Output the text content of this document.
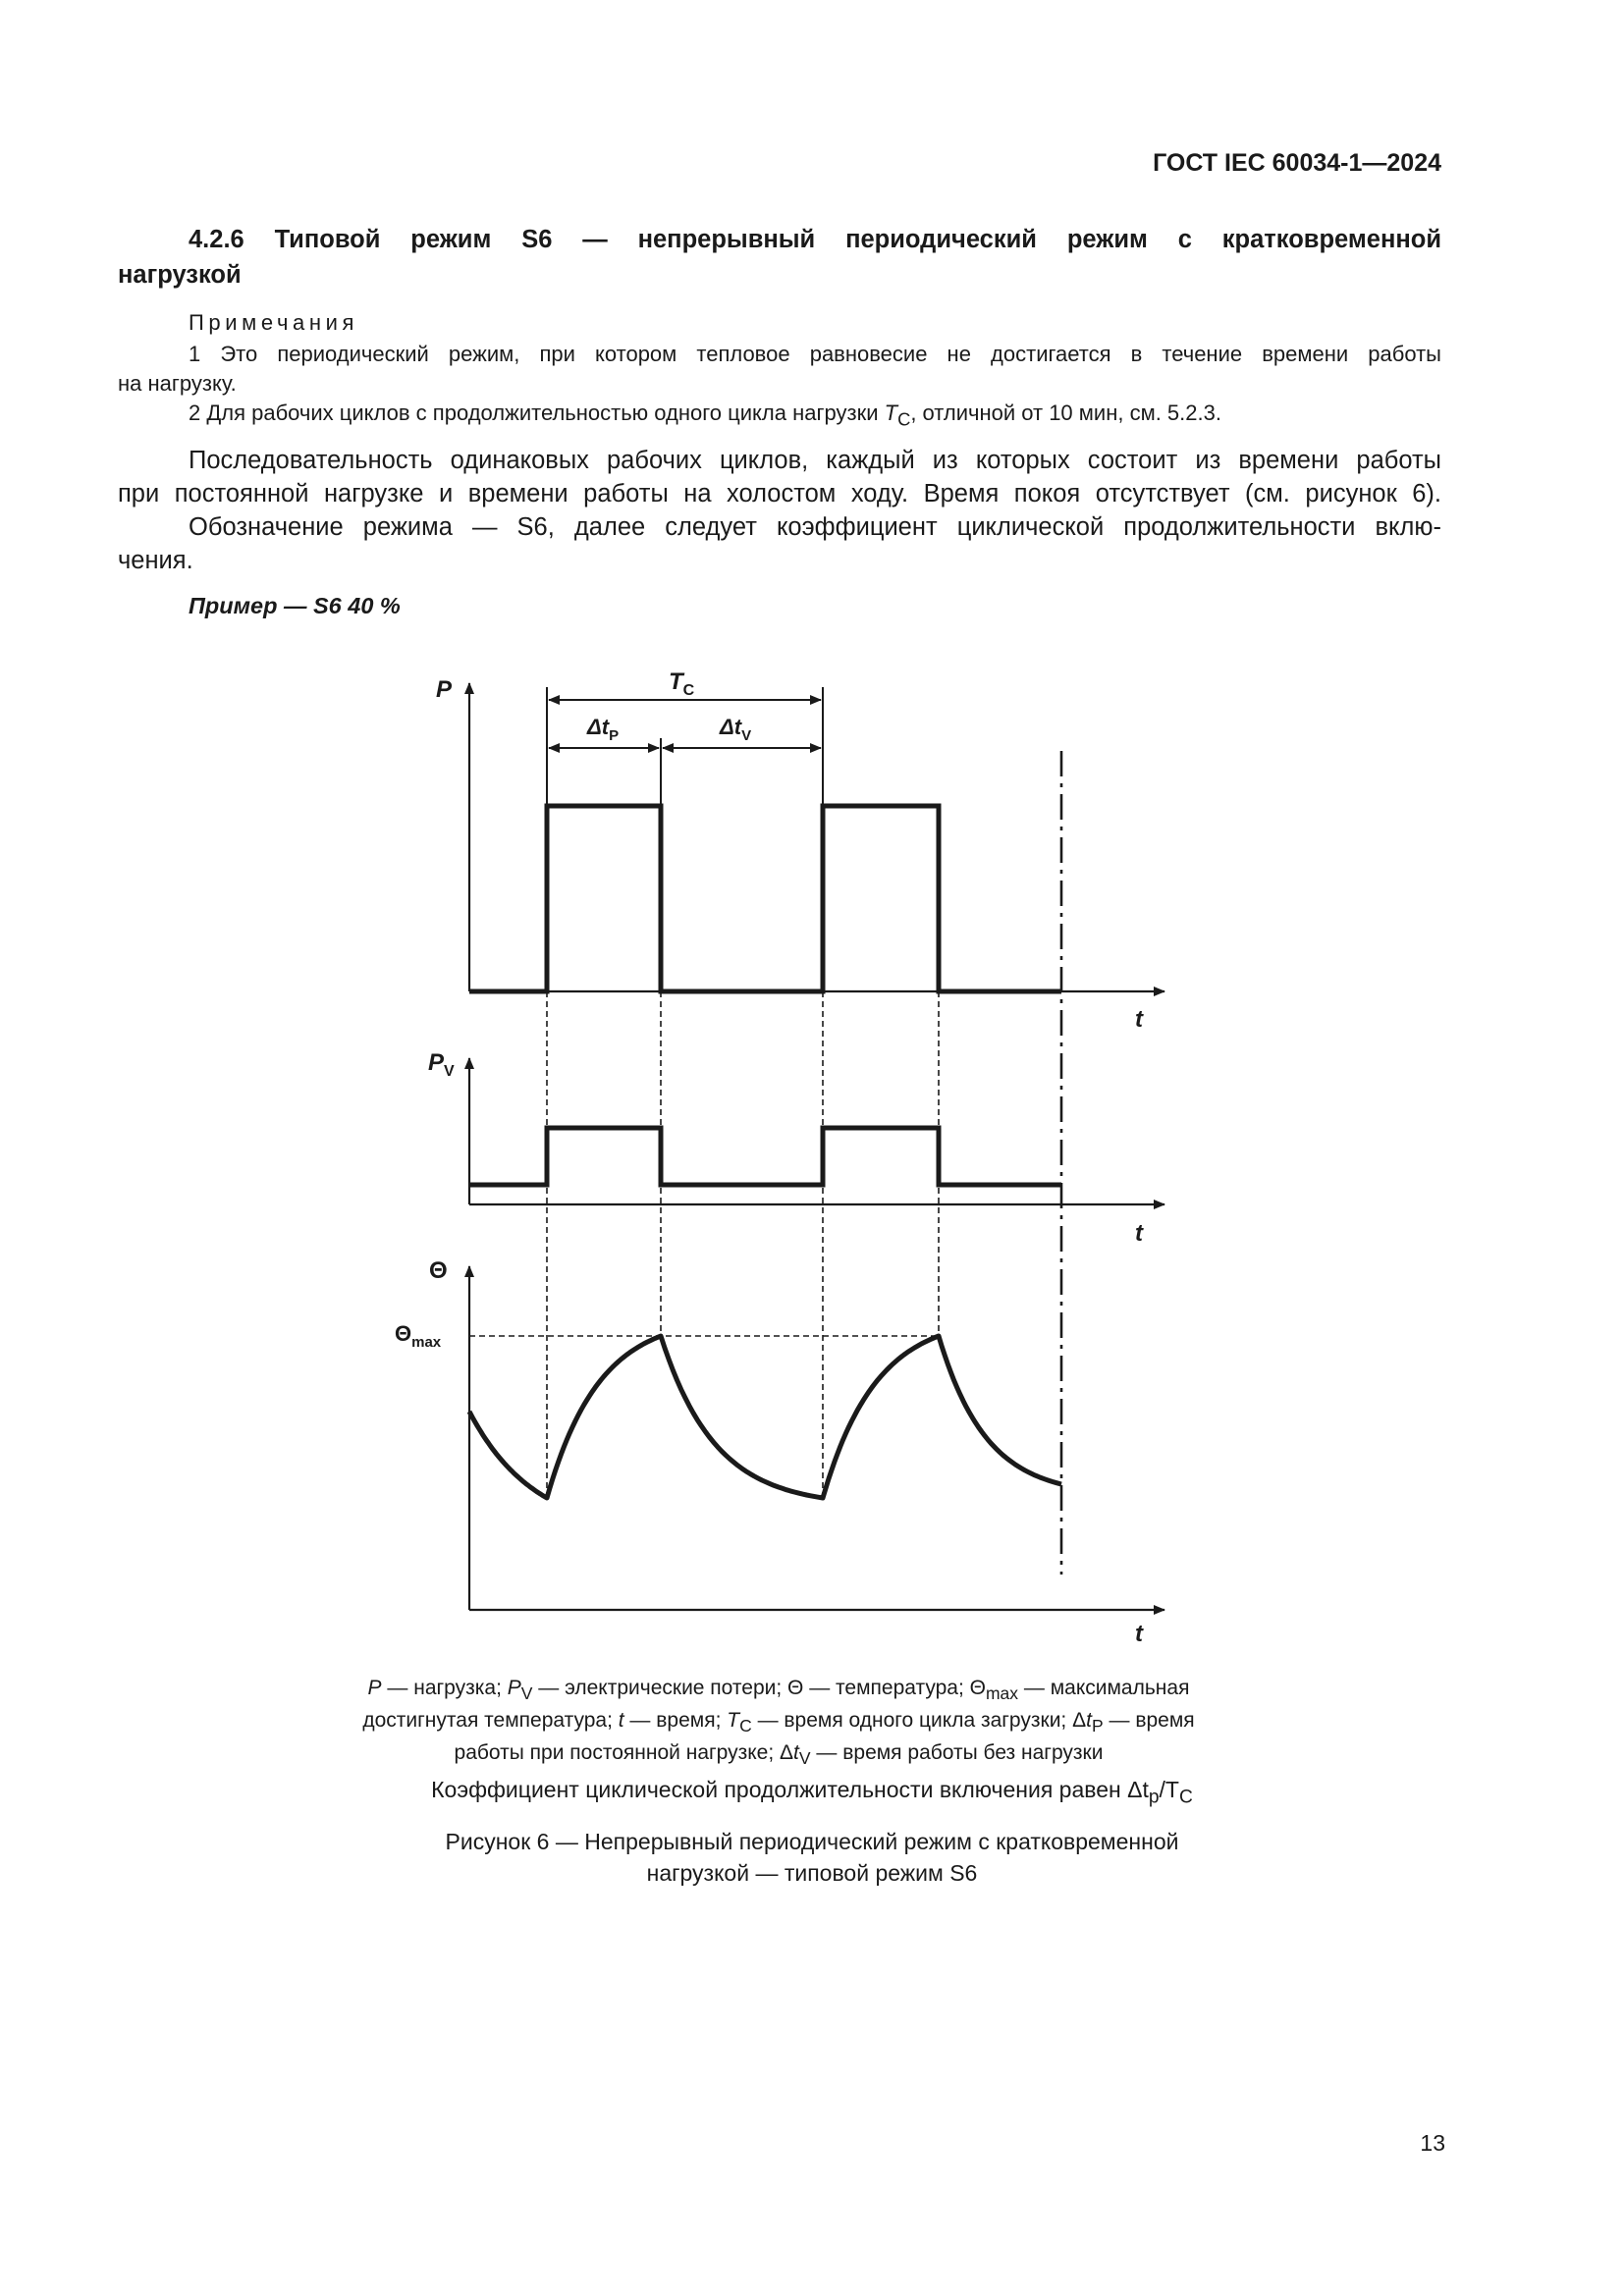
ГОСТ IEC 60034-1—2024
4.2.6 Типовой режим S6 — непрерывный периодический режим с кратковременной
нагрузкой
Примечания
1 Это периодический режим, при котором тепловое равновесие не достигается в течение времени работы
на нагрузку.
2 Для рабочих циклов с продолжительностью одного цикла нагрузки $T_C$, отличной от 10 мин, см. 5.2.3.
Последовательность одинаковых рабочих циклов, каждый из которых состоит из времени работы
при постоянной нагрузке и времени работы на холостом ходу. Время покоя отсутствует (см. рисунок 6).
Обозначение режима — S6, далее следует коэффициент циклической продолжительности вклю-
чения.
Пример — S6 40 %
P
t
$T_C$
$\Delta t_P$	$\Delta t_V$
$P_V$
t
Θ
$\Theta_{max}$
t
P — нагрузка; $P_V$ — электрические потери; Θ — температура; $\Theta_{max}$ — максимальная
достигнутая температура; t — время; $T_C$ — время одного цикла загрузки; $\Delta t_P$ — время
работы при постоянной нагрузке; $\Delta t_V$ — время работы без нагрузки
Коэффициент циклической продолжительности включения равен $\Delta t_p/T_C$
Рисунок 6 — Непрерывный периодический режим с кратковременной
нагрузкой — типовой режим S6
13
